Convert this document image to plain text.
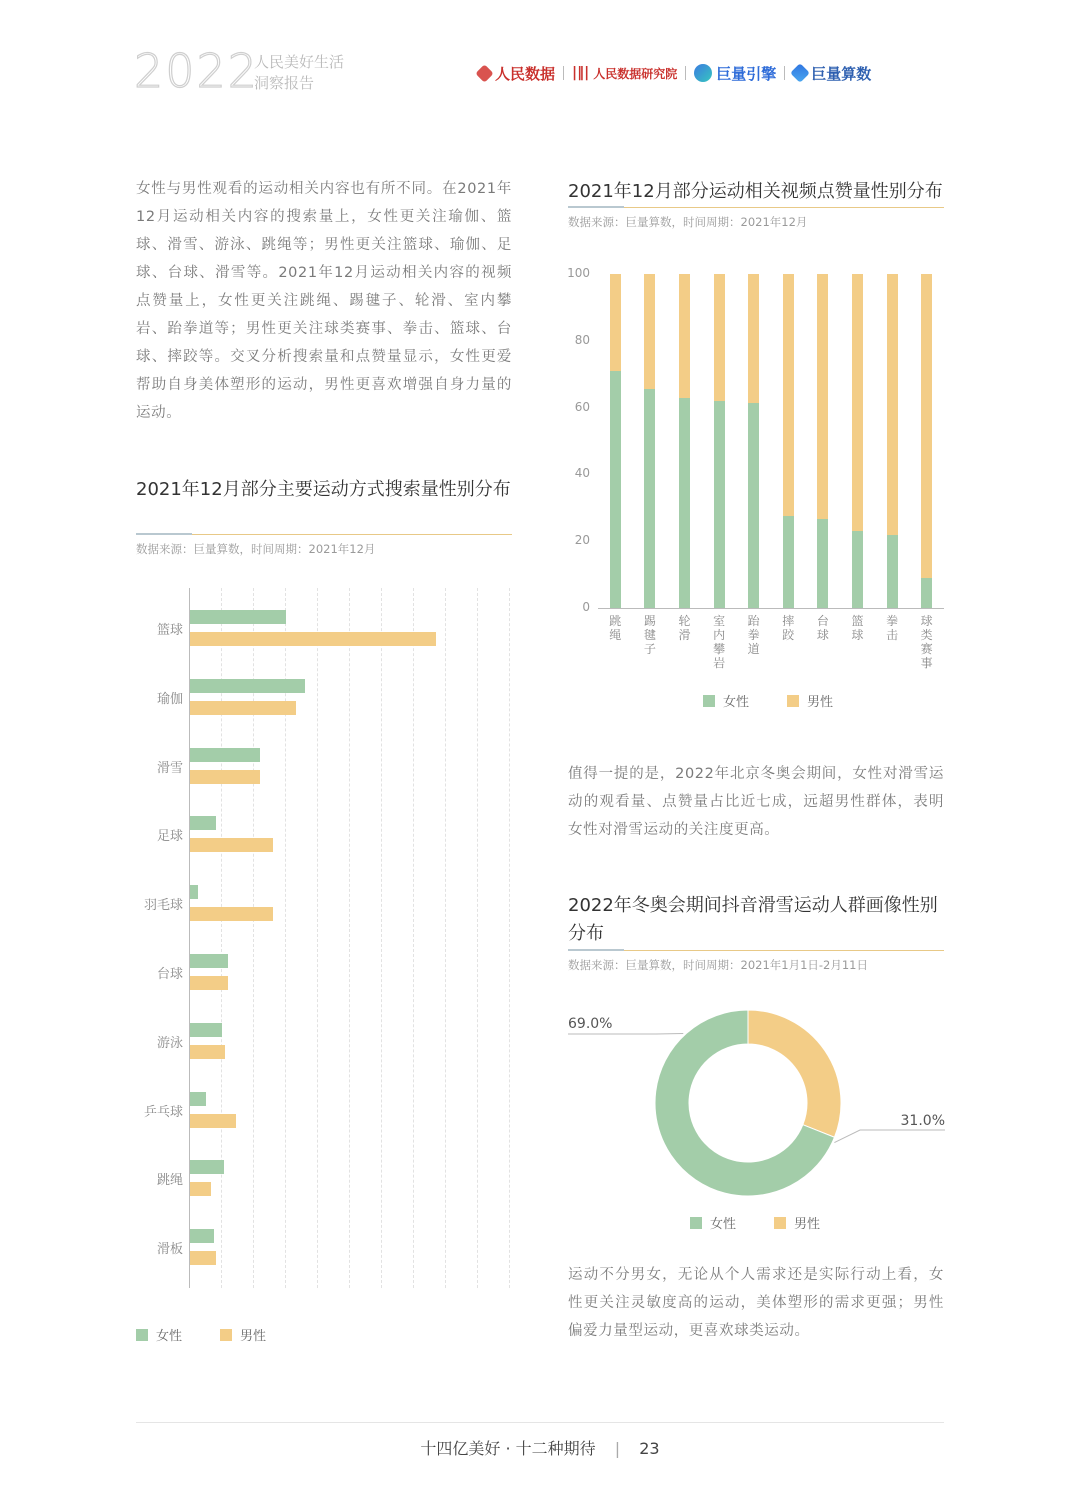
2022
人民美好生活
洞察报告
人民数据 |‖| 人民数据研究院	巨量引擎 巨量算数
女性与男性观看的运动相关内容也有所不同。在2021年12月运动相关内容的搜索量上，女性更关注瑜伽、篮球、滑雪、游泳、跳绳等；男性更关注篮球、瑜伽、足球、台球、滑雪等。2021年12月运动相关内容的视频点赞量上，女性更关注跳绳、踢毽子、轮滑、室内攀岩、跆拳道等；男性更关注球类赛事、拳击、篮球、台球、摔跤等。交叉分析搜索量和点赞量显示，女性更爱帮助自身美体塑形的运动，男性更喜欢增强自身力量的运动。
2021年12月部分主要运动方式搜索量性别分布
数据来源：巨量算数，时间周期：2021年12月
篮球
瑜伽
滑雪
足球
羽毛球
台球
游泳
乒乓球
跳绳
滑板
女性	男性
2021年12月部分运动相关视频点赞量性别分布
数据来源：巨量算数，时间周期：2021年12月
0
20
40
60
80
100
跳
绳
踢
毽
子
轮
滑
室
内
攀
岩
跆
拳
道
摔
跤
台
球
篮
球
拳
击
球
类
赛
事
女性	男性
值得一提的是，2022年北京冬奥会期间，女性对滑雪运动的观看量、点赞量占比近七成，远超男性群体，表明女性对滑雪运动的关注度更高。
2022年冬奥会期间抖音滑雪运动人群画像性别分布
数据来源：巨量算数，时间周期：2021年1月1日-2月11日
69.0%
31.0%
女性	男性
运动不分男女，无论从个人需求还是实际行动上看，女性更关注灵敏度高的运动，美体塑形的需求更强；男性偏爱力量型运动，更喜欢球类运动。
十四亿美好 · 十二种期待 | 23
